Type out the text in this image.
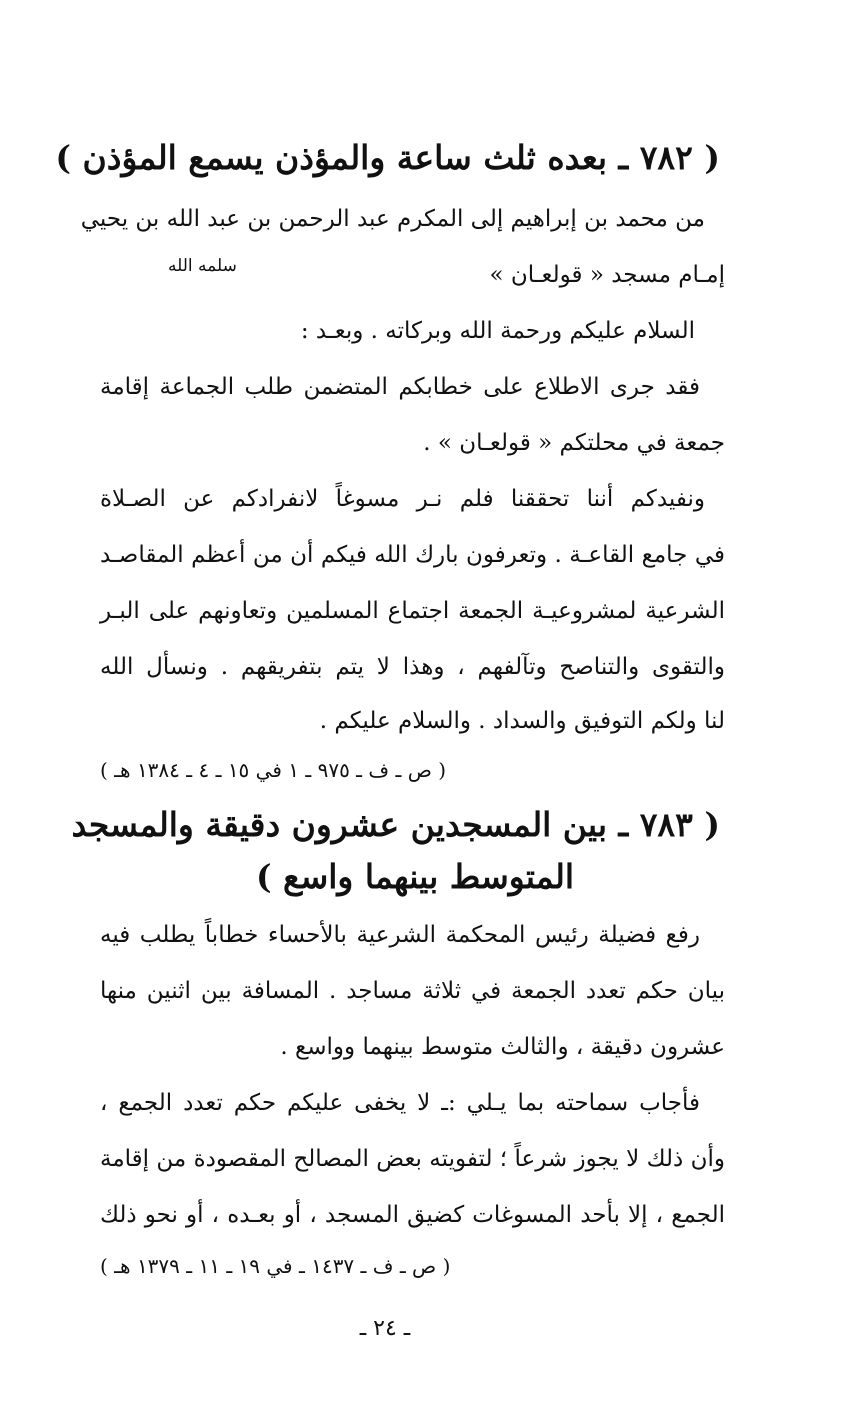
( ٧٨٢ ـ بعده ثلث ساعة والمؤذن يسمع المؤذن )
من محمد بن إبراهيم إلى المكرم عبد الرحمن بن عبد الله بن يحيي
إمـام مسجد « قولعـان »
سلمه الله
السلام عليكم ورحمة الله وبركاته . وبعـد :
فقد جرى الاطلاع على خطابكم المتضمن طلب الجماعة إقامة
جمعة في محلتكم « قولعـان » .
ونفيدكم أننا تحققنا فلم نـر مسوغاً لانفرادكم عن الصـلاة
في جامع القاعـة . وتعرفون بارك الله فيكم أن من أعظم المقاصـد
الشرعية لمشروعيـة الجمعة اجتماع المسلمين وتعاونهم على البـر
والتقوى والتناصح وتآلفهم ، وهذا لا يتم بتفريقهم . ونسأل الله
لنا ولكم التوفيق والسداد . والسلام عليكم .
( ص ـ ف ـ ٩٧٥ ـ ١ في ١٥ ـ ٤ ـ ١٣٨٤ هـ )
( ٧٨٣ ـ بين المسجدين عشرون دقيقة والمسجد
المتوسط بينهما واسع )
رفع فضيلة رئيس المحكمة الشرعية بالأحساء خطاباً يطلب فيه
بيان حكم تعدد الجمعة في ثلاثة مساجد . المسافة بين اثنين منها
عشرون دقيقة ، والثالث متوسط بينهما وواسع .
فأجاب سماحته بما يـلي :ـ لا يخفى عليكم حكم تعدد الجمع ،
وأن ذلك لا يجوز شرعاً ؛ لتفويته بعض المصالح المقصودة من إقامة
الجمع ، إلا بأحد المسوغات كضيق المسجد ، أو بعـده ، أو نحو ذلك
( ص ـ ف ـ ١٤٣٧ ـ في ١٩ ـ ١١ ـ ١٣٧٩ هـ )
ـ ٢٤ ـ
